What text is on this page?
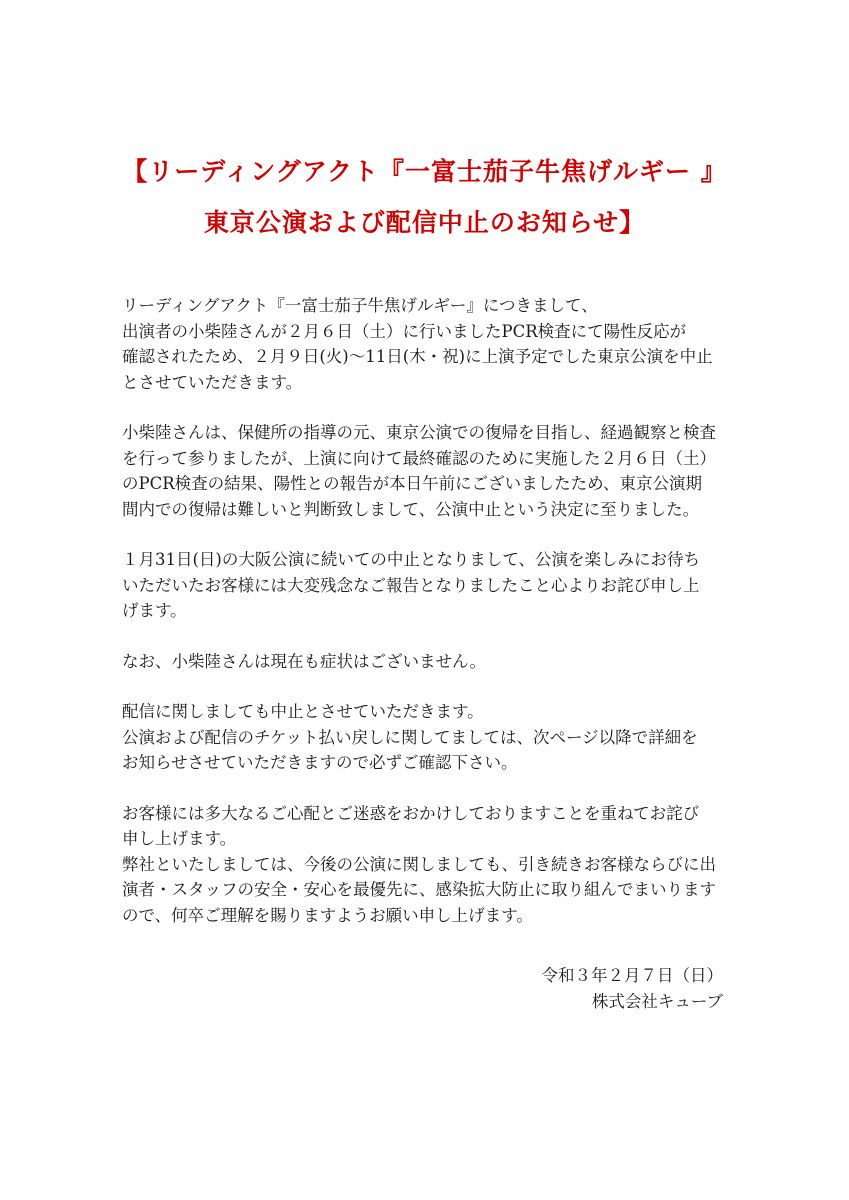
【リーディングアクト『一富士茄子牛焦げルギー 』
東京公演および配信中止のお知らせ】

リーディングアクト『一富士茄子牛焦げルギー』につきまして、
出演者の小柴陸さんが２月６日（土）に行いましたPCR検査にて陽性反応が
確認されたため、２月９日(火)〜11日(木・祝)に上演予定でした東京公演を中止
とさせていただきます。

小柴陸さんは、保健所の指導の元、東京公演での復帰を目指し、経過観察と検査
を行って参りましたが、上演に向けて最終確認のために実施した２月６日（土）
のPCR検査の結果、陽性との報告が本日午前にございましたため、東京公演期
間内での復帰は難しいと判断致しまして、公演中止という決定に至りました。

１月31日(日)の大阪公演に続いての中止となりまして、公演を楽しみにお待ち
いただいたお客様には大変残念なご報告となりましたこと心よりお詫び申し上
げます。

なお、小柴陸さんは現在も症状はございません。

配信に関しましても中止とさせていただきます。
公演および配信のチケット払い戻しに関してましては、次ページ以降で詳細を
お知らせさせていただきますので必ずご確認下さい。

お客様には多大なるご心配とご迷惑をおかけしておりますことを重ねてお詫び
申し上げます。
弊社といたしましては、今後の公演に関しましても、引き続きお客様ならびに出
演者・スタッフの安全・安心を最優先に、感染拡大防止に取り組んでまいります
ので、何卒ご理解を賜りますようお願い申し上げます。

令和３年２月７日（日）
株式会社キューブ
